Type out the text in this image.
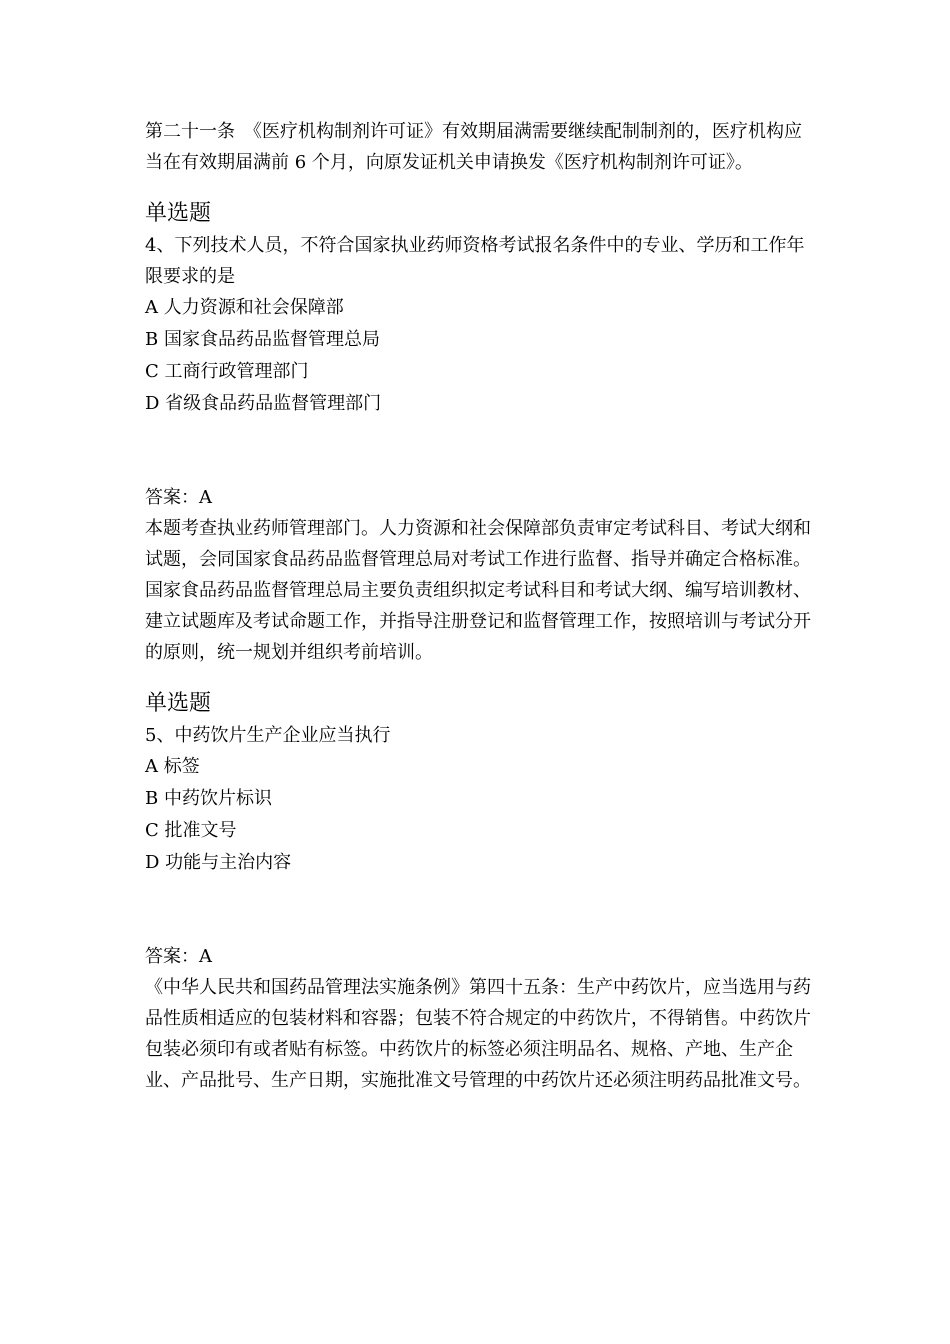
第二十一条　《医疗机构制剂许可证》有效期届满需要继续配制制剂的，医疗机构应当在有效期届满前 6 个月，向原发证机关申请换发《医疗机构制剂许可证》。

单选题

4、下列技术人员，不符合国家执业药师资格考试报名条件中的专业、学历和工作年限要求的是

A 人力资源和社会保障部

B 国家食品药品监督管理总局

C 工商行政管理部门

D 省级食品药品监督管理部门

答案：A

本题考查执业药师管理部门。人力资源和社会保障部负责审定考试科目、考试大纲和试题，会同国家食品药品监督管理总局对考试工作进行监督、指导并确定合格标准。国家食品药品监督管理总局主要负责组织拟定考试科目和考试大纲、编写培训教材、建立试题库及考试命题工作，并指导注册登记和监督管理工作，按照培训与考试分开的原则，统一规划并组织考前培训。

单选题

5、中药饮片生产企业应当执行

A 标签

B 中药饮片标识

C 批准文号

D 功能与主治内容

答案：A

《中华人民共和国药品管理法实施条例》第四十五条：生产中药饮片，应当选用与药品性质相适应的包装材料和容器；包装不符合规定的中药饮片，不得销售。中药饮片包装必须印有或者贴有标签。中药饮片的标签必须注明品名、规格、产地、生产企业、产品批号、生产日期，实施批准文号管理的中药饮片还必须注明药品批准文号。
